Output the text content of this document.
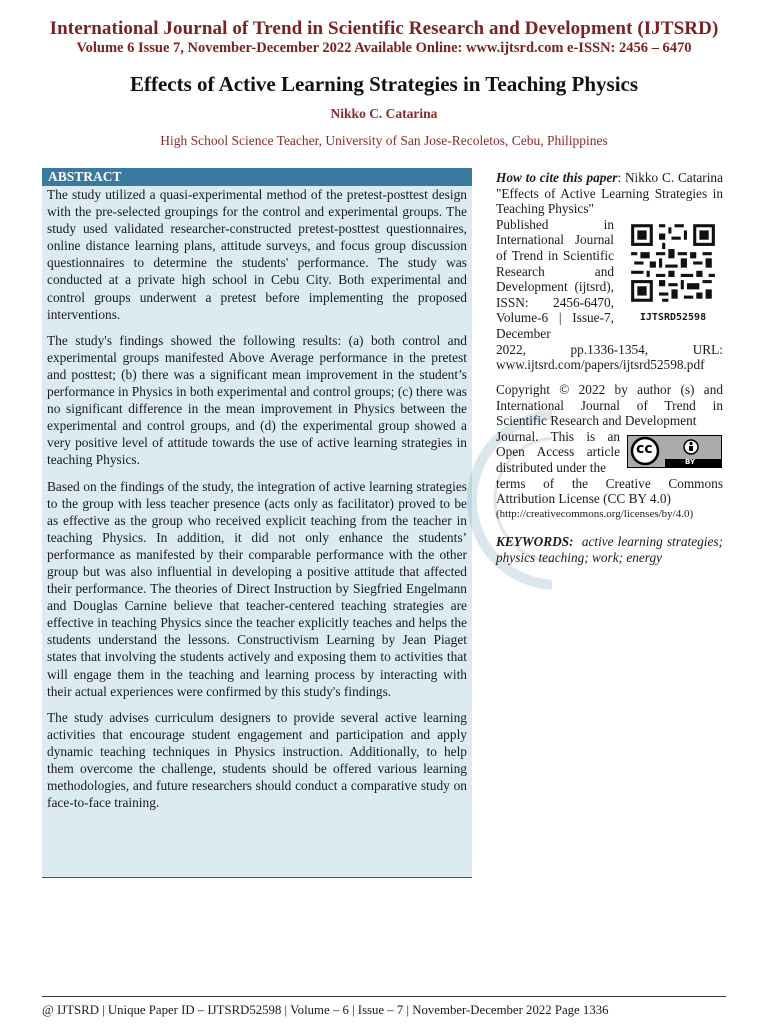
International Journal of Trend in Scientific Research and Development (IJTSRD)
Volume 6 Issue 7, November-December 2022 Available Online: www.ijtsrd.com e-ISSN: 2456 – 6470
Effects of Active Learning Strategies in Teaching Physics
Nikko C. Catarina
High School Science Teacher, University of San Jose-Recoletos, Cebu, Philippines
ABSTRACT

The study utilized a quasi-experimental method of the pretest-posttest design with the pre-selected groupings for the control and experimental groups. The study used validated researcher-constructed pretest-posttest questionnaires, online distance learning plans, attitude surveys, and focus group discussion questionnaires to determine the students' performance. The study was conducted at a private high school in Cebu City. Both experimental and control groups underwent a pretest before implementing the proposed interventions.

The study's findings showed the following results: (a) both control and experimental groups manifested Above Average performance in the pretest and posttest; (b) there was a significant mean improvement in the student’s performance in Physics in both experimental and control groups; (c) there was no significant difference in the mean improvement in Physics between the experimental and control groups, and (d) the experimental group showed a very positive level of attitude towards the use of active learning strategies in teaching Physics.

Based on the findings of the study, the integration of active learning strategies to the group with less teacher presence (acts only as facilitator) proved to be as effective as the group who received explicit teaching from the teacher in teaching Physics. In addition, it did not only enhance the students’ performance as manifested by their comparable performance with the other group but was also influential in developing a positive attitude that affected their performance. The theories of Direct Instruction by Siegfried Engelmann and Douglas Carnine believe that teacher-centered teaching strategies are effective in teaching Physics since the teacher explicitly teaches and helps the students understand the lessons. Constructivism Learning by Jean Piaget states that involving the students actively and exposing them to activities that will engage them in the teaching and learning process by interacting with their actual experiences were confirmed by this study's findings.

The study advises curriculum designers to provide several active learning activities that encourage student engagement and participation and apply dynamic teaching techniques in Physics instruction. Additionally, to help them overcome the challenge, students should be offered various learning methodologies, and future researchers should conduct a comparative study on face-to-face training.

How to cite this paper: Nikko C. Catarina "Effects of Active Learning Strategies in Teaching Physics"
Published in International Journal of Trend in Scientific Research and Development (ijtsrd), ISSN: 2456-6470, Volume-6 | Issue-7, December
2022, pp.1336-1354, URL: www.ijtsrd.com/papers/ijtsrd52598.pdf
IJTSRD52598
Copyright © 2022 by author (s) and International Journal of Trend in Scientific Research and Development
Journal. This is an Open Access article distributed under the
terms of the Creative Commons Attribution License (CC BY 4.0)
(http://creativecommons.org/licenses/by/4.0)
cc
BY
KEYWORDS: active learning strategies; physics teaching; work; energy
@ IJTSRD | Unique Paper ID – IJTSRD52598 | Volume – 6 | Issue – 7 | November-December 2022 Page 1336
